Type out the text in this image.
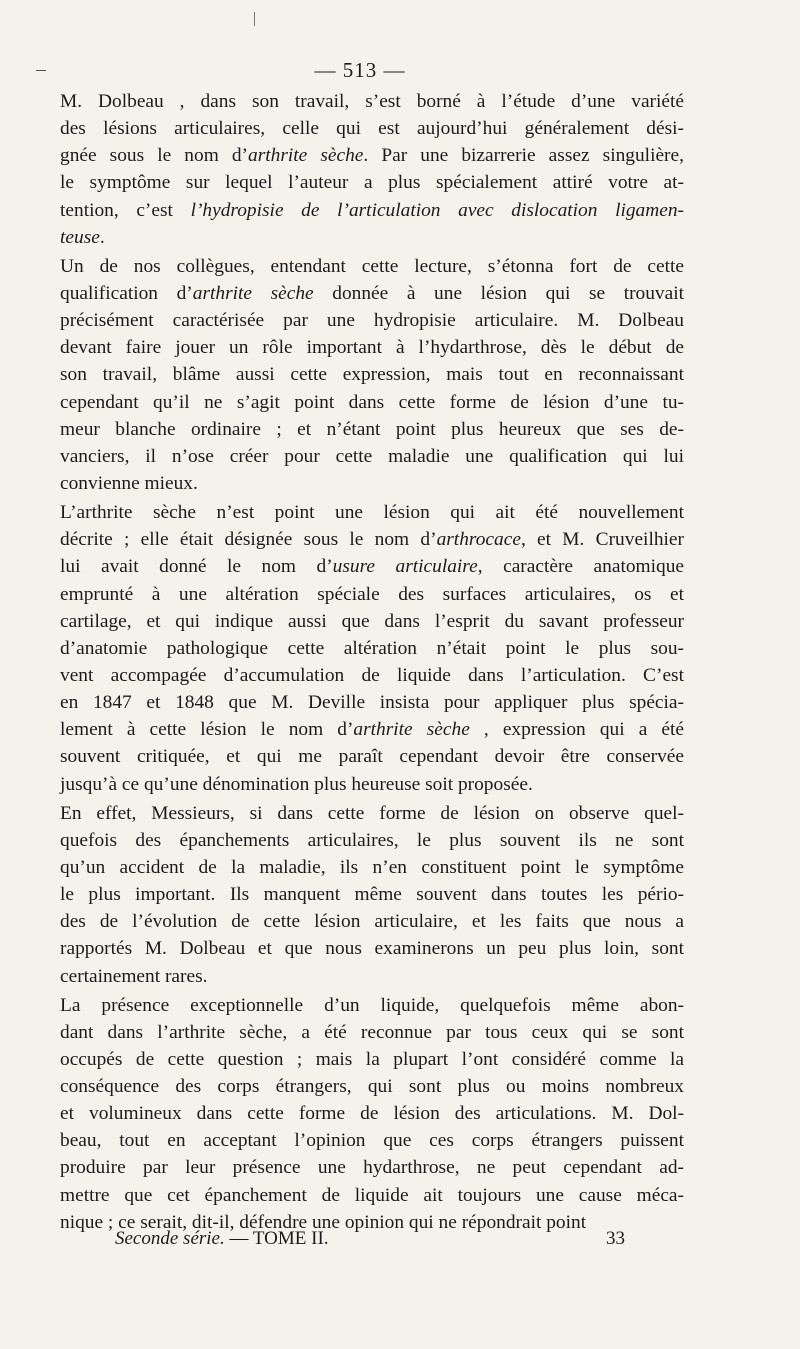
— 513 —
M. Dolbeau , dans son travail, s’est borné à l’étude d’une variété
des lésions articulaires, celle qui est aujourd’hui généralement dési-
gnée sous le nom d’arthrite sèche. Par une bizarrerie assez singulière,
le symptôme sur lequel l’auteur a plus spécialement attiré votre at-
tention, c’est l’hydropisie de l’articulation avec dislocation ligamen-
teuse.
Un de nos collègues, entendant cette lecture, s’étonna fort de cette
qualification d’arthrite sèche donnée à une lésion qui se trouvait
précisément caractérisée par une hydropisie articulaire. M. Dolbeau
devant faire jouer un rôle important à l’hydarthrose, dès le début de
son travail, blâme aussi cette expression, mais tout en reconnaissant
cependant qu’il ne s’agit point dans cette forme de lésion d’une tu-
meur blanche ordinaire ; et n’étant point plus heureux que ses de-
vanciers, il n’ose créer pour cette maladie une qualification qui lui
convienne mieux.
L’arthrite sèche n’est point une lésion qui ait été nouvellement
décrite ; elle était désignée sous le nom d’arthrocace, et M. Cruveilhier
lui avait donné le nom d’usure articulaire, caractère anatomique
emprunté à une altération spéciale des surfaces articulaires, os et
cartilage, et qui indique aussi que dans l’esprit du savant professeur
d’anatomie pathologique cette altération n’était point le plus sou-
vent accompagée d’accumulation de liquide dans l’articulation. C’est
en 1847 et 1848 que M. Deville insista pour appliquer plus spécia-
lement à cette lésion le nom d’arthrite sèche , expression qui a été
souvent critiquée, et qui me paraît cependant devoir être conservée
jusqu’à ce qu’une dénomination plus heureuse soit proposée.
En effet, Messieurs, si dans cette forme de lésion on observe quel-
quefois des épanchements articulaires, le plus souvent ils ne sont
qu’un accident de la maladie, ils n’en constituent point le symptôme
le plus important. Ils manquent même souvent dans toutes les pério-
des de l’évolution de cette lésion articulaire, et les faits que nous a
rapportés M. Dolbeau et que nous examinerons un peu plus loin, sont
certainement rares.
La présence exceptionnelle d’un liquide, quelquefois même abon-
dant dans l’arthrite sèche, a été reconnue par tous ceux qui se sont
occupés de cette question ; mais la plupart l’ont considéré comme la
conséquence des corps étrangers, qui sont plus ou moins nombreux
et volumineux dans cette forme de lésion des articulations. M. Dol-
beau, tout en acceptant l’opinion que ces corps étrangers puissent
produire par leur présence une hydarthrose, ne peut cependant ad-
mettre que cet épanchement de liquide ait toujours une cause méca-
nique ; ce serait, dit-il, défendre une opinion qui ne répondrait point
Seconde série. — TOME II.	33
